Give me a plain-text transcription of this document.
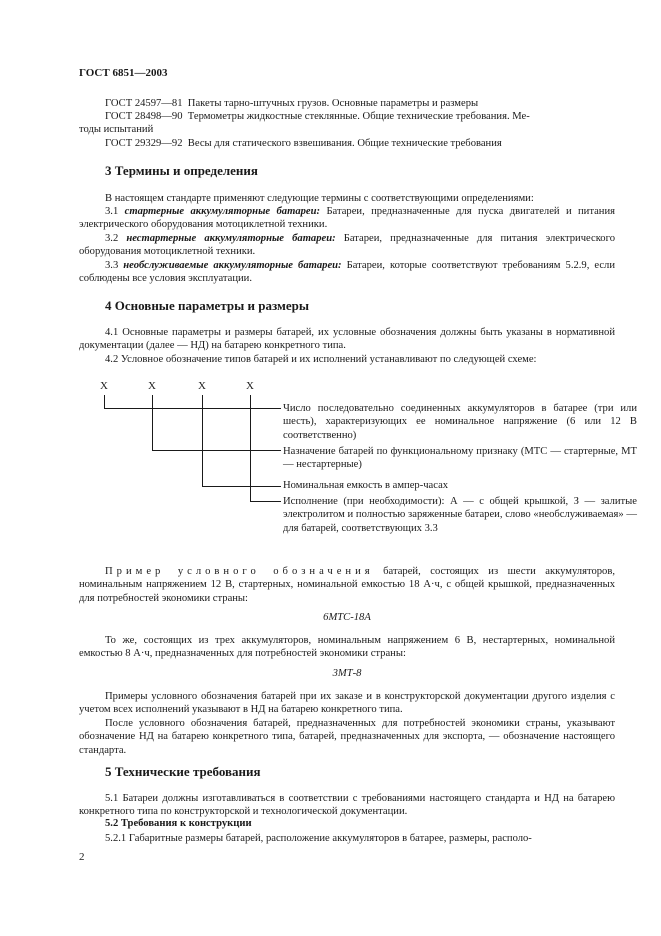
ГОСТ 6851—2003
ГОСТ 24597—81 Пакеты тарно-штучных грузов. Основные параметры и размеры
ГОСТ 28498—90 Термометры жидкостные стеклянные. Общие технические требования. Ме-
тоды испытаний
ГОСТ 29329—92 Весы для статического взвешивания. Общие технические требования
3 Термины и определения

В настоящем стандарте применяют следующие термины с соответствующими определениями:

3.1 стартерные аккумуляторные батареи: Батареи, предназначенные для пуска двигателей и питания электрического оборудования мотоциклетной техники.

3.2 нестартерные аккумуляторные батареи: Батареи, предназначенные для питания электрического оборудования мотоциклетной техники.

3.3 необслуживаемые аккумуляторные батареи: Батареи, которые соответствуют требованиям 5.2.9, если соблюдены все условия эксплуатации.

4 Основные параметры и размеры

4.1 Основные параметры и размеры батарей, их условные обозначения должны быть указаны в нормативной документации (далее — НД) на батарею конкретного типа.

4.2 Условное обозначение типов батарей и их исполнений устанавливают по следующей схеме:

X	X	X	X
Число последовательно соединенных аккумуляторов в батарее (три или шесть), характеризующих ее номинальное напряжение (6 или 12 В соответственно)
Назначение батарей по функциональному признаку (МТС — стартерные, МТ — нестартерные)
Номинальная емкость в ампер-часах
Исполнение (при необходимости): А — с общей крышкой, З — залитые электролитом и полностью заряженные батареи, слово «необслуживаемая» — для батарей, соответствующих 3.3

Пример условного обозначения батарей, состоящих из шести аккумуляторов, номинальным напряжением 12 В, стартерных, номинальной емкостью 18 А·ч, с общей крышкой, предназначенных для потребностей экономики страны:

6МТС-18А

То же, состоящих из трех аккумуляторов, номинальным напряжением 6 В, нестартерных, номинальной емкостью 8 А·ч, предназначенных для потребностей экономики страны:

3МТ-8

Примеры условного обозначения батарей при их заказе и в конструкторской документации другого изделия с учетом всех исполнений указывают в НД на батарею конкретного типа.

После условного обозначения батарей, предназначенных для потребностей экономики страны, указывают обозначение НД на батарею конкретного типа, батарей, предназначенных для экспорта, — обозначение настоящего стандарта.

5 Технические требования

5.1 Батареи должны изготавливаться в соответствии с требованиями настоящего стандарта и НД на батарею конкретного типа по конструкторской и технологической документации.

5.2 Требования к конструкции

5.2.1 Габаритные размеры батарей, расположение аккумуляторов в батарее, размеры, располо-

2
